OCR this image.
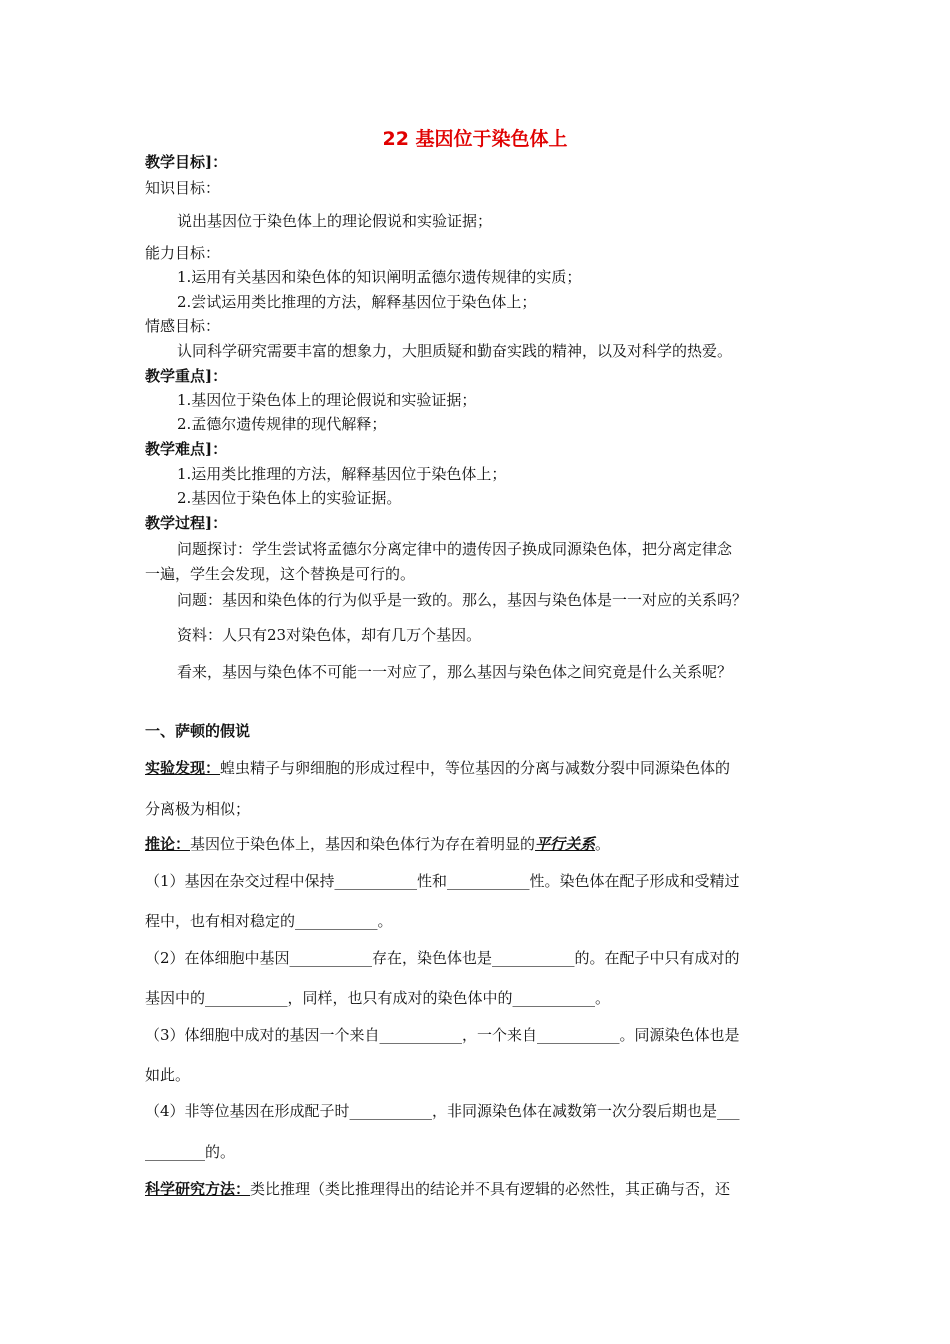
22 基因位于染色体上
教学目标]：
知识目标：
说出基因位于染色体上的理论假说和实验证据；
能力目标：
1.运用有关基因和染色体的知识阐明孟德尔遗传规律的实质；
2.尝试运用类比推理的方法，解释基因位于染色体上；
情感目标：
认同科学研究需要丰富的想象力，大胆质疑和勤奋实践的精神，以及对科学的热爱。
教学重点]：
1.基因位于染色体上的理论假说和实验证据；
2.孟德尔遗传规律的现代解释；
教学难点]：
1.运用类比推理的方法，解释基因位于染色体上；
2.基因位于染色体上的实验证据。
教学过程]：
问题探讨：学生尝试将孟德尔分离定律中的遗传因子换成同源染色体，把分离定律念
一遍，学生会发现，这个替换是可行的。
问题：基因和染色体的行为似乎是一致的。那么，基因与染色体是一一对应的关系吗？
资料：人只有23对染色体，却有几万个基因。
看来，基因与染色体不可能一一对应了，那么基因与染色体之间究竟是什么关系呢？
一、萨顿的假说
实验发现：蝗虫精子与卵细胞的形成过程中，等位基因的分离与减数分裂中同源染色体的
分离极为相似；
推论：基因位于染色体上，基因和染色体行为存在着明显的平行关系。
（1）基因在杂交过程中保持___________性和___________性。染色体在配子形成和受精过
程中，也有相对稳定的___________。
（2）在体细胞中基因___________存在，染色体也是___________的。在配子中只有成对的
基因中的___________，同样，也只有成对的染色体中的___________。
（3）体细胞中成对的基因一个来自___________，一个来自___________。同源染色体也是
如此。
（4）非等位基因在形成配子时___________，非同源染色体在减数第一次分裂后期也是___
________的。
科学研究方法：类比推理（类比推理得出的结论并不具有逻辑的必然性，其正确与否，还
